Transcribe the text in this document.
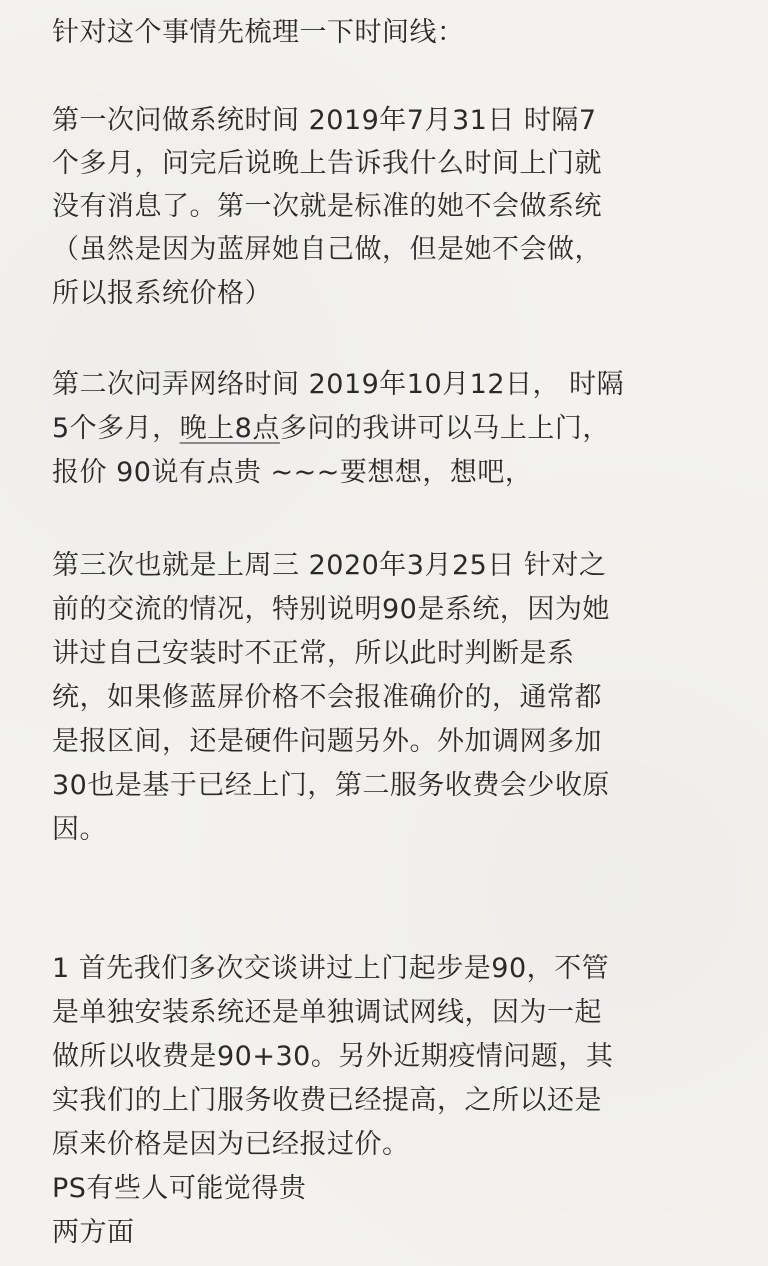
针对这个事情先梳理一下时间线：
第一次问做系统时间 2019年7月31日 时隔7
个多月，问完后说晚上告诉我什么时间上门就
没有消息了。第一次就是标准的她不会做系统
（虽然是因为蓝屏她自己做，但是她不会做，
所以报系统价格）
第二次问弄网络时间 2019年10月12日， 时隔
5个多月，晚上8点多问的我讲可以马上上门，
报价 90说有点贵 ~~~要想想，想吧，
第三次也就是上周三 2020年3月25日 针对之
前的交流的情况，特别说明90是系统，因为她
讲过自己安装时不正常，所以此时判断是系
统，如果修蓝屏价格不会报准确价的，通常都
是报区间，还是硬件问题另外。外加调网多加
30也是基于已经上门，第二服务收费会少收原
因。
1 首先我们多次交谈讲过上门起步是90，不管
是单独安装系统还是单独调试网线，因为一起
做所以收费是90+30。另外近期疫情问题，其
实我们的上门服务收费已经提高，之所以还是
原来价格是因为已经报过价。
PS有些人可能觉得贵
两方面
